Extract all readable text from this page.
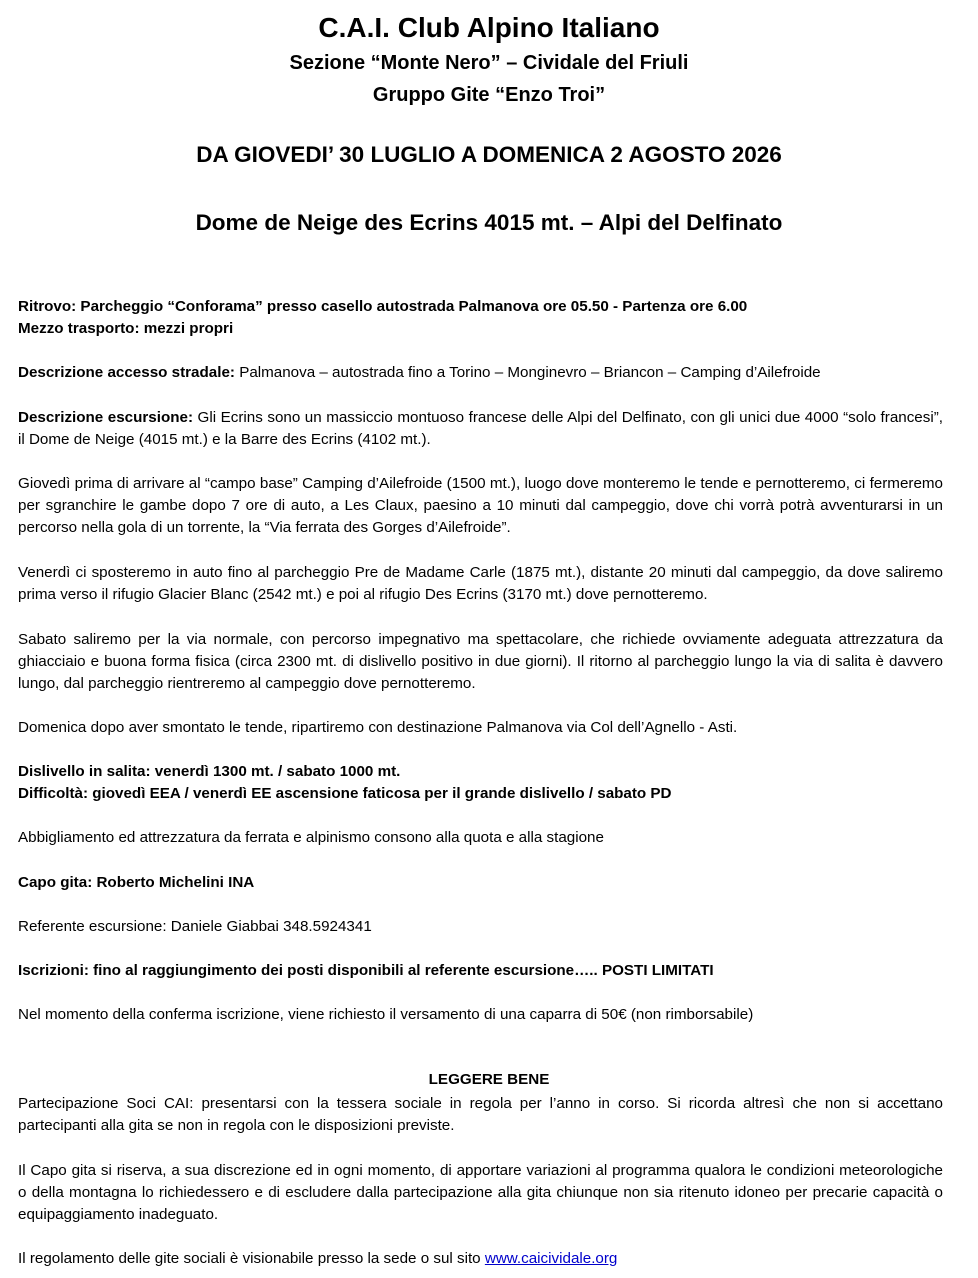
C.A.I. Club Alpino Italiano
Sezione “Monte Nero” – Cividale del Friuli
Gruppo Gite “Enzo Troi”
DA GIOVEDI’ 30 LUGLIO A DOMENICA 2 AGOSTO 2026
Dome de Neige des Ecrins 4015 mt. – Alpi del Delfinato

Ritrovo: Parcheggio “Conforama” presso casello autostrada Palmanova ore 05.50 - Partenza ore 6.00

Mezzo trasporto: mezzi propri

Descrizione accesso stradale: Palmanova – autostrada fino a Torino – Monginevro – Briancon – Camping d’Ailefroide

Descrizione escursione: Gli Ecrins sono un massiccio montuoso francese delle Alpi del Delfinato, con gli unici due 4000 “solo francesi”, il Dome de Neige (4015 mt.) e la Barre des Ecrins (4102 mt.).

Giovedì prima di arrivare al “campo base” Camping d’Ailefroide (1500 mt.), luogo dove monteremo le tende e pernotteremo, ci fermeremo per sgranchire le gambe dopo 7 ore di auto, a Les Claux, paesino a 10 minuti dal campeggio, dove chi vorrà potrà avventurarsi in un percorso nella gola di un torrente, la “Via ferrata des Gorges d’Ailefroide”.

Venerdì ci sposteremo in auto fino al parcheggio Pre de Madame Carle (1875 mt.), distante 20 minuti dal campeggio, da dove saliremo prima verso il rifugio Glacier Blanc (2542 mt.) e poi al rifugio Des Ecrins (3170 mt.) dove pernotteremo.

Sabato saliremo per la via normale, con percorso impegnativo ma spettacolare, che richiede ovviamente adeguata attrezzatura da ghiacciaio e buona forma fisica (circa 2300 mt. di dislivello positivo in due giorni). Il ritorno al parcheggio lungo la via di salita è davvero lungo, dal parcheggio rientreremo al campeggio dove pernotteremo.

Domenica dopo aver smontato le tende, ripartiremo con destinazione Palmanova via Col dell’Agnello - Asti.

Dislivello in salita: venerdì 1300 mt. / sabato 1000 mt.

Difficoltà: giovedì EEA / venerdì EE ascensione faticosa per il grande dislivello / sabato PD

Abbigliamento ed attrezzatura da ferrata e alpinismo consono alla quota e alla stagione

Capo gita: Roberto Michelini INA

Referente escursione: Daniele Giabbai 348.5924341

Iscrizioni: fino al raggiungimento dei posti disponibili al referente escursione….. POSTI LIMITATI

Nel momento della conferma iscrizione, viene richiesto il versamento di una caparra di 50€ (non rimborsabile)

LEGGERE BENE

Partecipazione Soci CAI: presentarsi con la tessera sociale in regola per l’anno in corso. Si ricorda altresì che non si accettano partecipanti alla gita se non in regola con le disposizioni previste.

Il Capo gita si riserva, a sua discrezione ed in ogni momento, di apportare variazioni al programma qualora le condizioni meteorologiche o della montagna lo richiedessero e di escludere dalla partecipazione alla gita chiunque non sia ritenuto idoneo per precarie capacità o equipaggiamento inadeguato.

Il regolamento delle gite sociali è visionabile presso la sede o sul sito www.caicividale.org
